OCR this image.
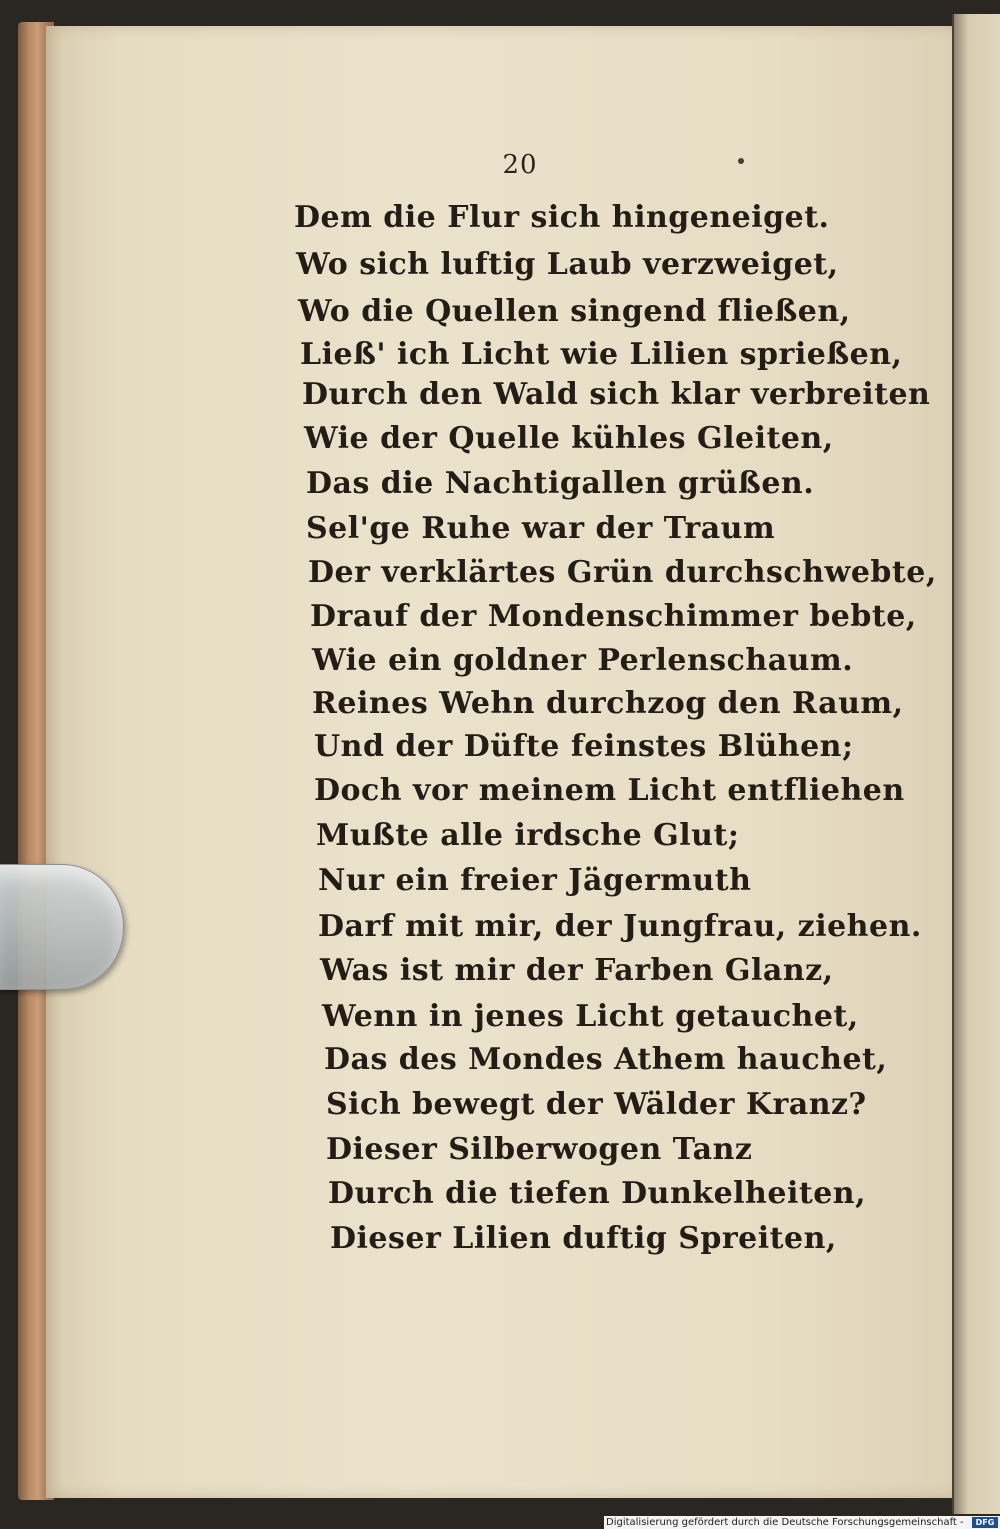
20
Dem die Flur sich hingeneiget.
Wo sich luftig Laub verzweiget,
Wo die Quellen singend fließen,
Ließ' ich Licht wie Lilien sprießen,
Durch den Wald sich klar verbreiten
Wie der Quelle kühles Gleiten,
Das die Nachtigallen grüßen.
Sel'ge Ruhe war der Traum
Der verklärtes Grün durchschwebte,
Drauf der Mondenschimmer bebte,
Wie ein goldner Perlenschaum.
Reines Wehn durchzog den Raum,
Und der Düfte feinstes Blühen;
Doch vor meinem Licht entfliehen
Mußte alle irdsche Glut;
Nur ein freier Jägermuth
Darf mit mir, der Jungfrau, ziehen.
Was ist mir der Farben Glanz,
Wenn in jenes Licht getauchet,
Das des Mondes Athem hauchet,
Sich bewegt der Wälder Kranz?
Dieser Silberwogen Tanz
Durch die tiefen Dunkelheiten,
Dieser Lilien duftig Spreiten,
Digitalisierung gefördert durch die Deutsche Forschungsgemeinschaft -	DFG
